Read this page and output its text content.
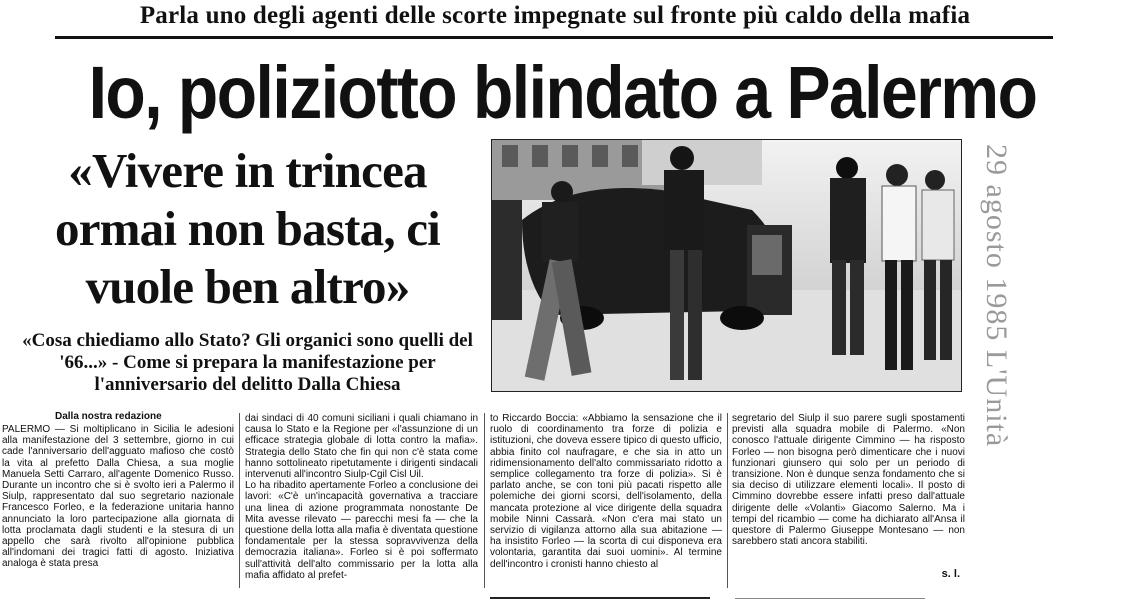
Parla uno degli agenti delle scorte impegnate sul fronte più caldo della mafia
Io, poliziotto blindato a Palermo
«Vivere in trincea ormai non basta, ci vuole ben altro»
«Cosa chiediamo allo Stato? Gli organici sono quelli del '66...» - Come si prepara la manifestazione per l'anniversario del delitto Dalla Chiesa	29 agosto 1985 L'Unità
Dalla nostra redazione
PALERMO — Si moltiplicano in Sicilia le adesioni alla manifestazione del 3 settembre, giorno in cui cade l'anniversario dell'agguato mafioso che costò la vita al prefetto Dalla Chiesa, a sua moglie Manuela Setti Carraro, all'agente Domenico Russo. Durante un incontro che si è svolto ieri a Palermo il Siulp, rappresentato dal suo segretario nazionale Francesco Forleo, e la federazione unitaria hanno annunciato la loro partecipazione alla giornata di lotta proclamata dagli studenti e la stesura di un appello che sarà rivolto all'opinione pubblica all'indomani dei tragici fatti di agosto. Iniziativa analoga è stata presa
dai sindaci di 40 comuni siciliani i quali chiamano in causa lo Stato e la Regione per «l'assunzione di un efficace strategia globale di lotta contro la mafia». Strategia dello Stato che fin qui non c'è stata come hanno sottolineato ripetutamente i dirigenti sindacali intervenuti all'incontro Siulp-Cgil Cisl Uil.
Lo ha ribadito apertamente Forleo a conclusione dei lavori: «C'è un'incapacità governativa a tracciare una linea di azione programmata nonostante De Mita avesse rilevato — parecchi mesi fa — che la questione della lotta alla mafia è diventata questione fondamentale per la stessa sopravvivenza della democrazia italiana». Forleo si è poi soffermato sull'attività dell'alto commissario per la lotta alla mafia affidato al prefet-
to Riccardo Boccia: «Abbiamo la sensazione che il ruolo di coordinamento tra forze di polizia e istituzioni, che doveva essere tipico di questo ufficio, abbia finito col naufragare, e che sia in atto un ridimensionamento dell'alto commissariato ridotto a semplice collegamento tra forze di polizia». Si è parlato anche, se con toni più pacati rispetto alle polemiche dei giorni scorsi, dell'isolamento, della mancata protezione al vice dirigente della squadra mobile Ninni Cassarà. «Non c'era mai stato un servizio di vigilanza attorno alla sua abitazione — ha insistito Forleo — la scorta di cui disponeva era volontaria, garantita dai suoi uomini». Al termine dell'incontro i cronisti hanno chiesto al
segretario del Siulp il suo parere sugli spostamenti previsti alla squadra mobile di Palermo. «Non conosco l'attuale dirigente Cimmino — ha risposto Forleo — non bisogna però dimenticare che i nuovi funzionari giunsero qui solo per un periodo di transizione. Non è dunque senza fondamento che si sia deciso di utilizzare elementi locali». Il posto di Cimmino dovrebbe essere infatti preso dall'attuale dirigente delle «Volanti» Giacomo Salerno. Ma i tempi del ricambio — come ha dichiarato all'Ansa il questore di Palermo Giuseppe Montesano — non sarebbero stati ancora stabiliti.
s. l.
